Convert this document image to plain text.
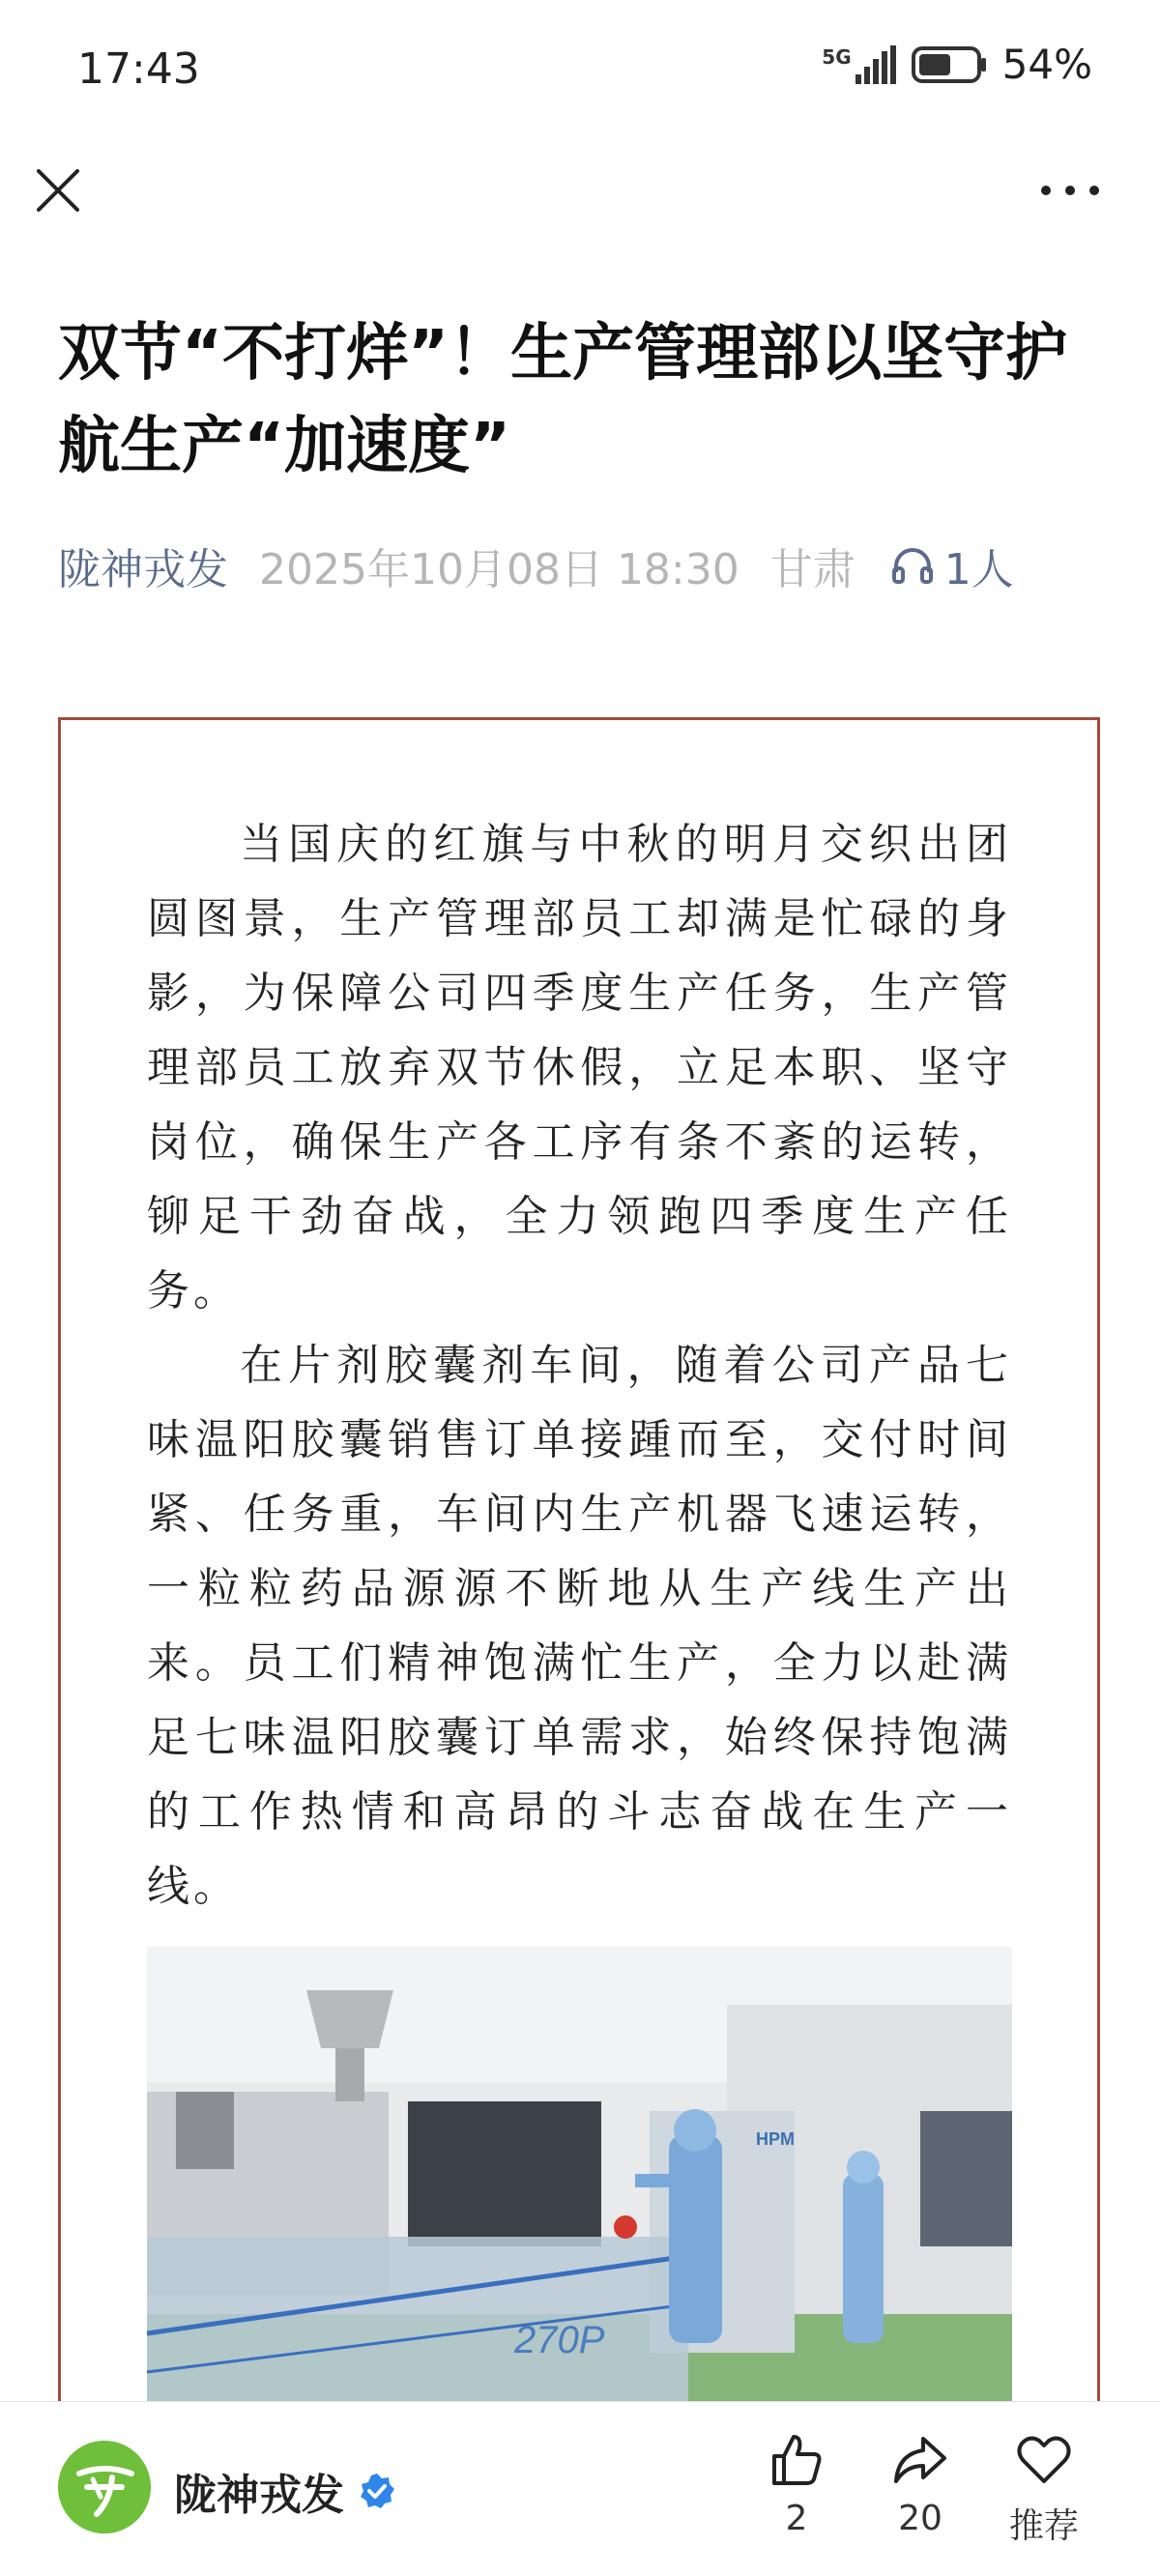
17:43	5G	54%
双节“不打烊”！生产管理部以坚守护航生产“加速度”
陇神戎发 2025年10月08日 18:30 甘肃 1人

当国庆的红旗与中秋的明月交织出团圆图景，生产管理部员工却满是忙碌的身影，为保障公司四季度生产任务，生产管理部员工放弃双节休假，立足本职、坚守岗位，确保生产各工序有条不紊的运转，铆足干劲奋战，全力领跑四季度生产任务。

在片剂胶囊剂车间，随着公司产品七味温阳胶囊销售订单接踵而至，交付时间紧、任务重，车间内生产机器飞速运转，一粒粒药品源源不断地从生产线生产出来。员工们精神饱满忙生产，全力以赴满足七味温阳胶囊订单需求，始终保持饱满的工作热情和高昂的斗志奋战在生产一线。

HPM
270P
陇神戎发	2	20	推荐
